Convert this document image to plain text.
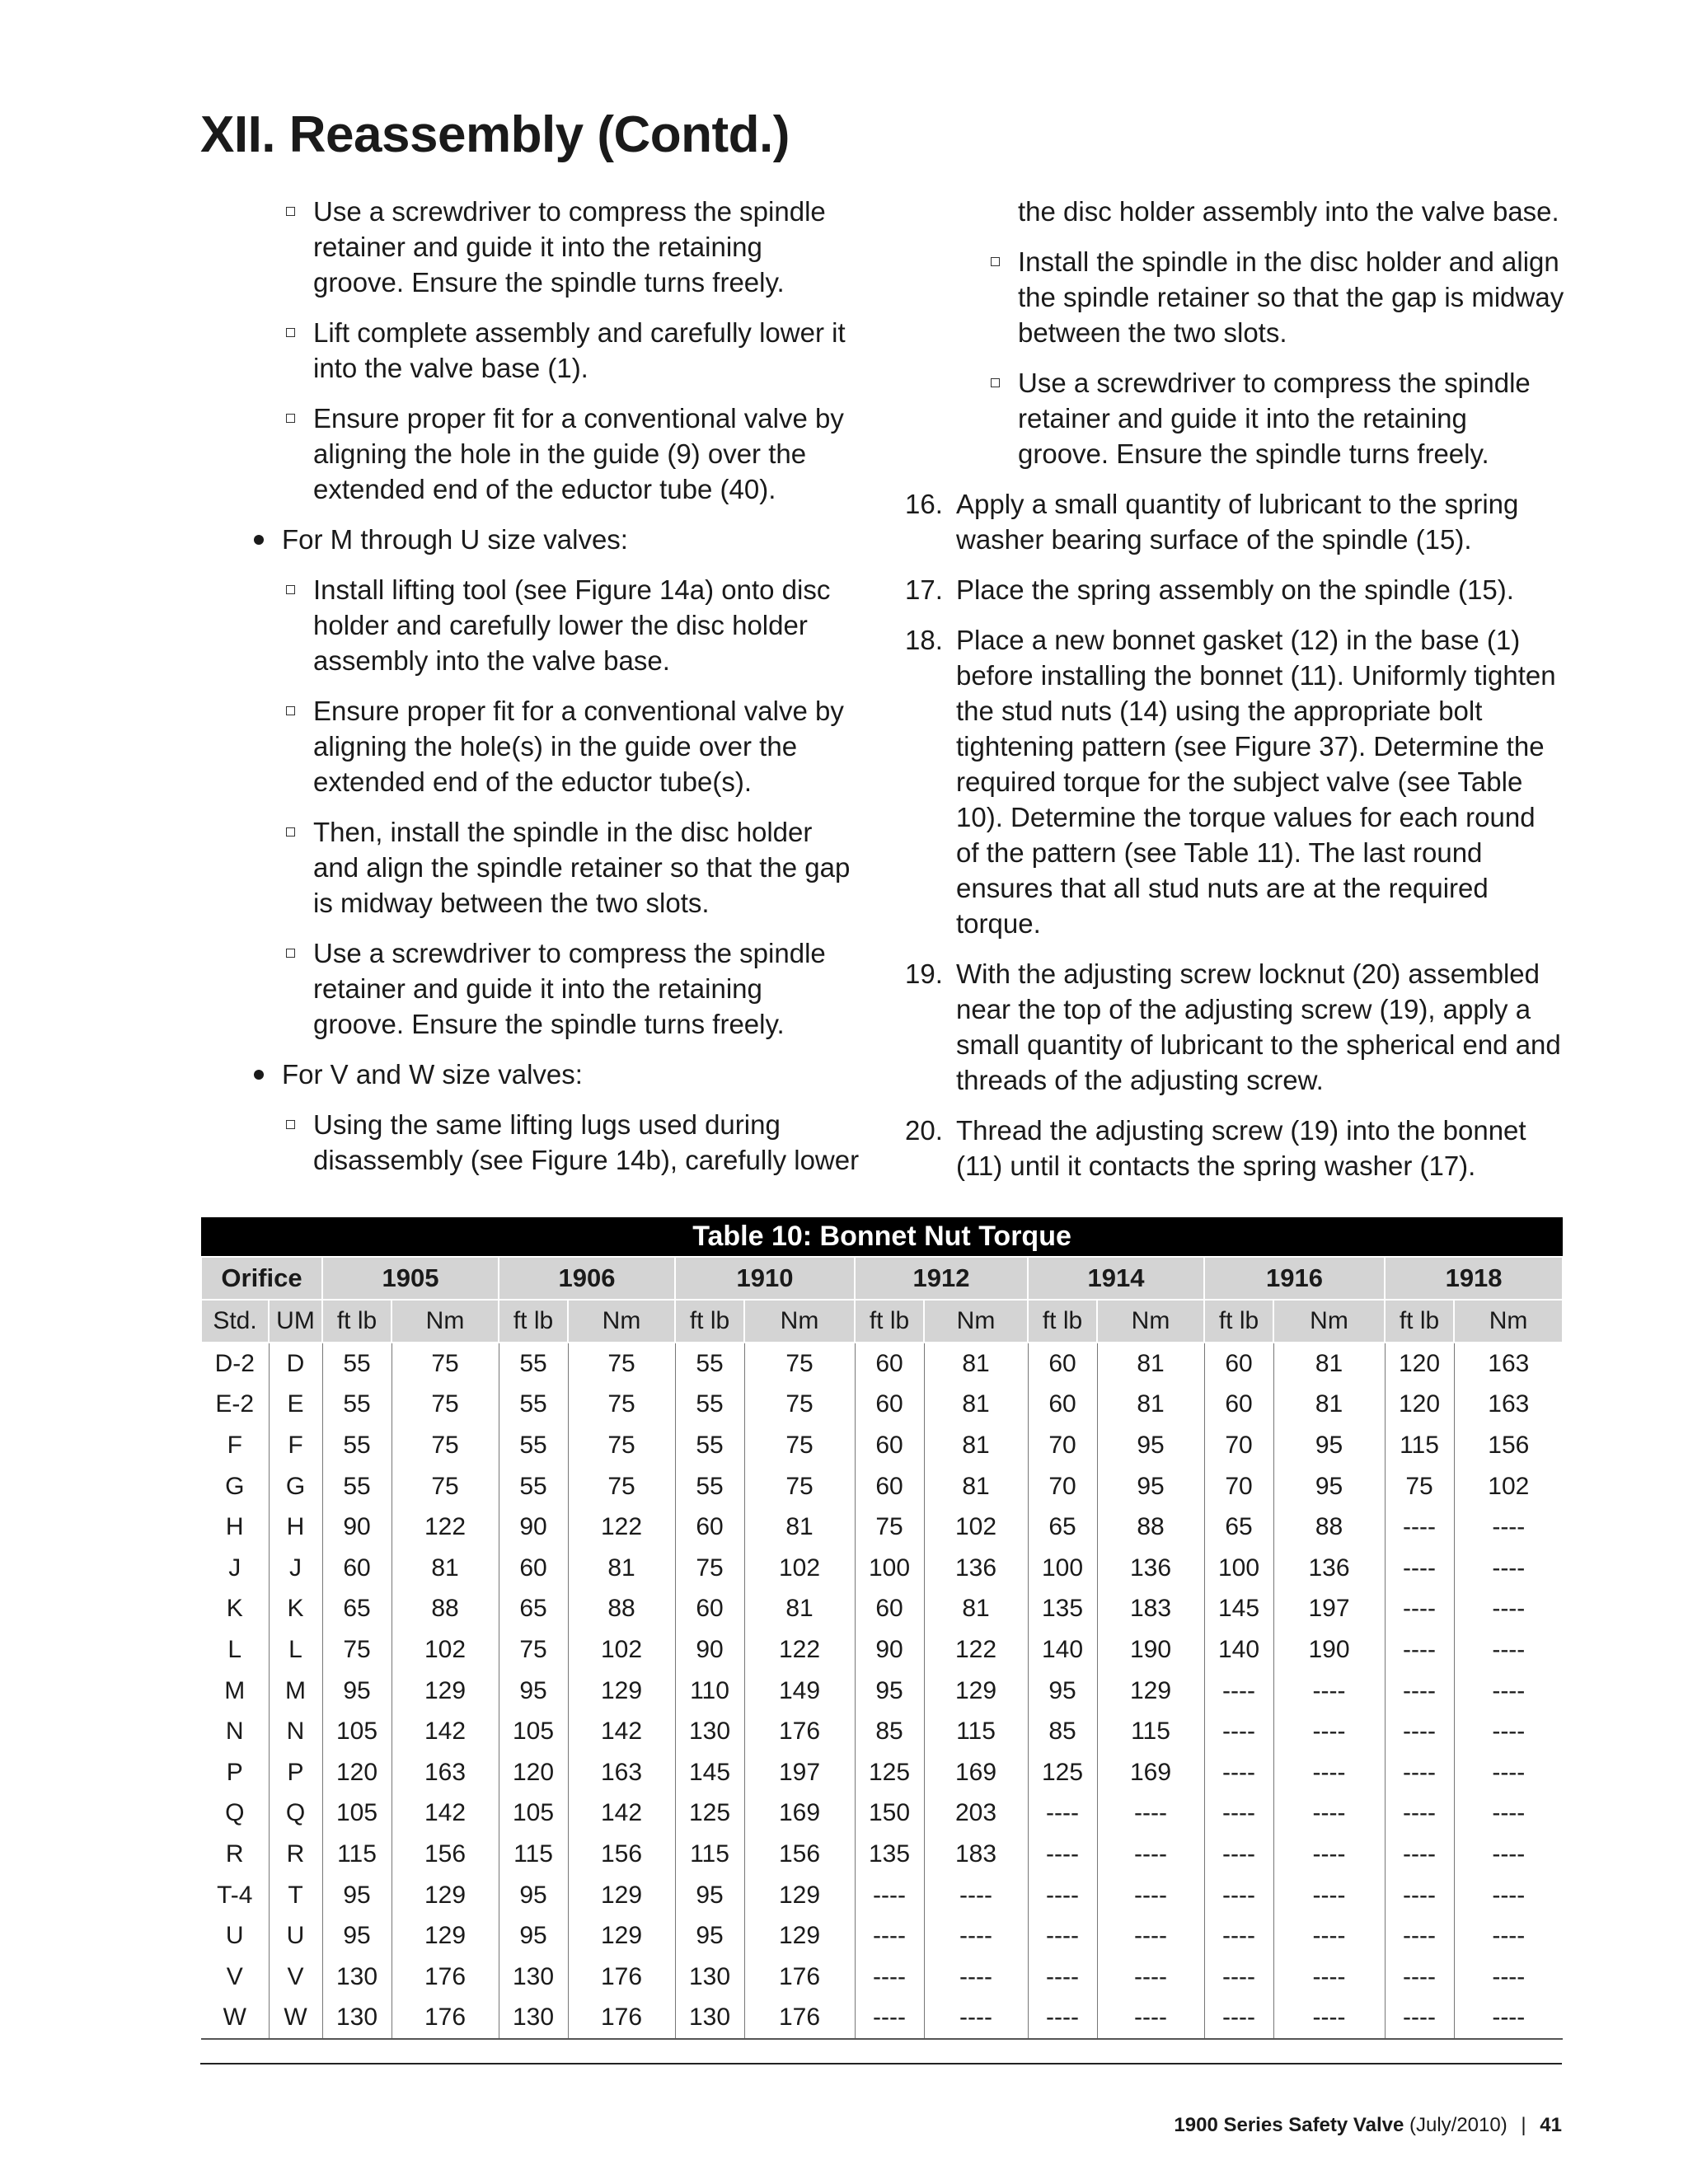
XII. Reassembly (Contd.)
Use a screwdriver to compress the spindle retainer and guide it into the retaining groove. Ensure the spindle turns freely.
Lift complete assembly and carefully lower it into the valve base (1).
Ensure proper fit for a conventional valve by aligning the hole in the guide (9) over the extended end of the eductor tube (40).
For M through U size valves:
Install lifting tool (see Figure 14a) onto disc holder and carefully lower the disc holder assembly into the valve base.
Ensure proper fit for a conventional valve by aligning the hole(s) in the guide over the extended end of the eductor tube(s).
Then, install the spindle in the disc holder and align the spindle retainer so that the gap is midway between the two slots.
Use a screwdriver to compress the spindle retainer and guide it into the retaining groove. Ensure the spindle turns freely.
For V and W size valves:
Using the same lifting lugs used during disassembly (see Figure 14b), carefully lower
the disc holder assembly into the valve base.
Install the spindle in the disc holder and align the spindle retainer so that the gap is midway between the two slots.
Use a screwdriver to compress the spindle retainer and guide it into the retaining groove. Ensure the spindle turns freely.
16. Apply a small quantity of lubricant to the spring washer bearing surface of the spindle (15).
17. Place the spring assembly on the spindle (15).
18. Place a new bonnet gasket (12) in the base (1) before installing the bonnet (11). Uniformly tighten the stud nuts (14) using the appropriate bolt tightening pattern (see Figure 37). Determine the required torque for the subject valve (see Table 10). Determine the torque values for each round of the pattern (see Table 11). The last round ensures that all stud nuts are at the required torque.
19. With the adjusting screw locknut (20) assembled near the top of the adjusting screw (19), apply a small quantity of lubricant to the spherical end and threads of the adjusting screw.
20. Thread the adjusting screw (19) into the bonnet (11) until it contacts the spring washer (17).
Table 10: Bonnet Nut Torque															
Orifice		1905		1906		1910		1912		1914		1916		1918	
Std.	UM	ft lb	Nm	ft lb	Nm	ft lb	Nm	ft lb	Nm	ft lb	Nm	ft lb	Nm	ft lb	Nm
D-2	D	55	75	55	75	55	75	60	81	60	81	60	81	120	163
E-2	E	55	75	55	75	55	75	60	81	60	81	60	81	120	163
F	F	55	75	55	75	55	75	60	81	70	95	70	95	115	156
G	G	55	75	55	75	55	75	60	81	70	95	70	95	75	102
H	H	90	122	90	122	60	81	75	102	65	88	65	88	----	----
J	J	60	81	60	81	75	102	100	136	100	136	100	136	----	----
K	K	65	88	65	88	60	81	60	81	135	183	145	197	----	----
L	L	75	102	75	102	90	122	90	122	140	190	140	190	----	----
M	M	95	129	95	129	110	149	95	129	95	129	----	----	----	----
N	N	105	142	105	142	130	176	85	115	85	115	----	----	----	----
P	P	120	163	120	163	145	197	125	169	125	169	----	----	----	----
Q	Q	105	142	105	142	125	169	150	203	----	----	----	----	----	----
R	R	115	156	115	156	115	156	135	183	----	----	----	----	----	----
T-4	T	95	129	95	129	95	129	----	----	----	----	----	----	----	----
U	U	95	129	95	129	95	129	----	----	----	----	----	----	----	----
V	V	130	176	130	176	130	176	----	----	----	----	----	----	----	----
W	W	130	176	130	176	130	176	----	----	----	----	----	----	----	----
1900 Series Safety Valve (July/2010) | 41
